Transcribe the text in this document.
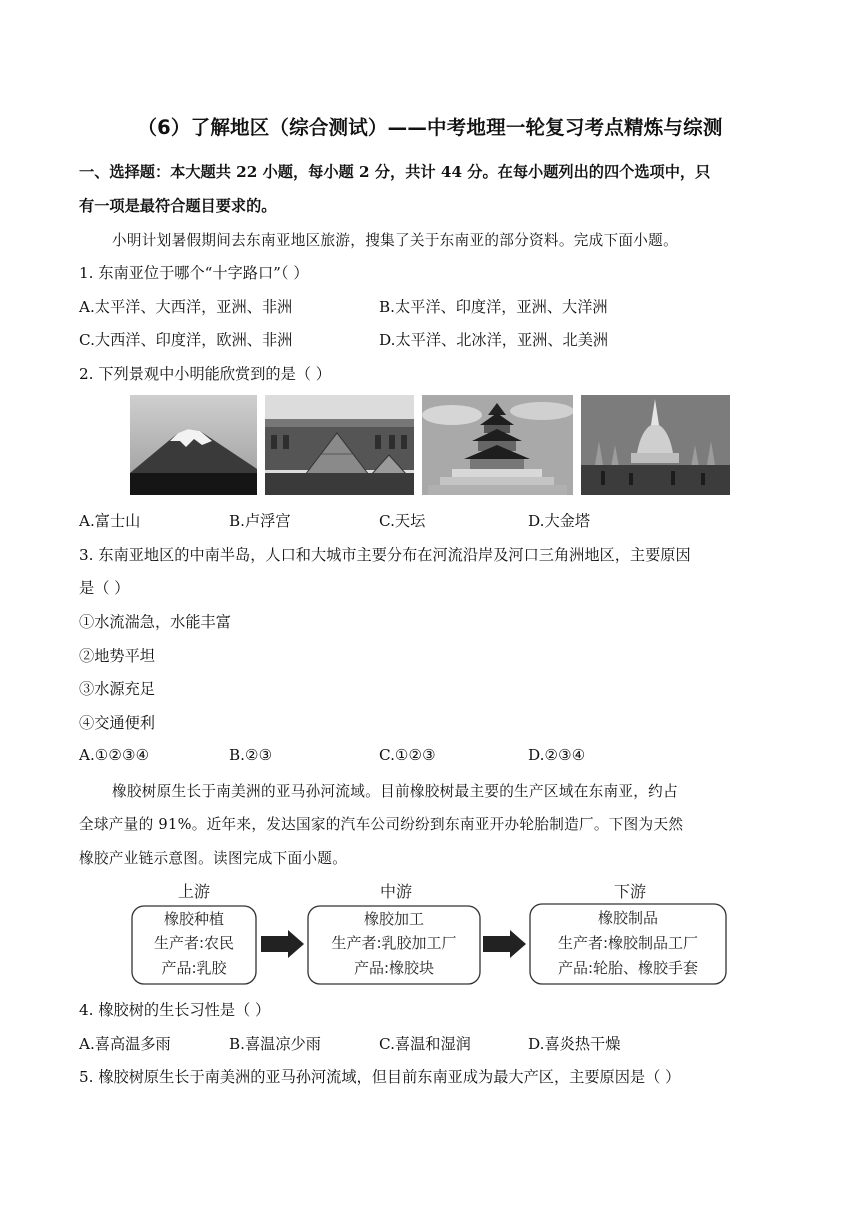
（6）了解地区（综合测试）——中考地理一轮复习考点精炼与综测
一、选择题：本大题共 22 小题，每小题 2 分，共计 44 分。在每小题列出的四个选项中，只
有一项是最符合题目要求的。
小明计划暑假期间去东南亚地区旅游，搜集了关于东南亚的部分资料。完成下面小题。
1. 东南亚位于哪个“十字路口”（ ）
A.太平洋、大西洋，亚洲、非洲	B.太平洋、印度洋，亚洲、大洋洲
C.大西洋、印度洋，欧洲、非洲	D.太平洋、北冰洋，亚洲、北美洲
2. 下列景观中小明能欣赏到的是（ ）
A.富士山	B.卢浮宫	C.天坛	D.大金塔
3. 东南亚地区的中南半岛，人口和大城市主要分布在河流沿岸及河口三角洲地区，主要原因
是（ ）
①水流湍急，水能丰富
②地势平坦
③水源充足
④交通便利
A.①②③④	B.②③	C.①②③	D.②③④
橡胶树原生长于南美洲的亚马孙河流域。目前橡胶树最主要的生产区域在东南亚，约占
全球产量的 91%。近年来，发达国家的汽车公司纷纷到东南亚开办轮胎制造厂。下图为天然
橡胶产业链示意图。读图完成下面小题。
上游	中游	下游
橡胶种植
生产者:农民
产品:乳胶
橡胶加工
生产者:乳胶加工厂
产品:橡胶块
橡胶制品
生产者:橡胶制品工厂
产品:轮胎、橡胶手套
4. 橡胶树的生长习性是（ ）
A.喜高温多雨	B.喜温凉少雨	C.喜温和湿润	D.喜炎热干燥
5. 橡胶树原生长于南美洲的亚马孙河流域，但目前东南亚成为最大产区，主要原因是（ ）
